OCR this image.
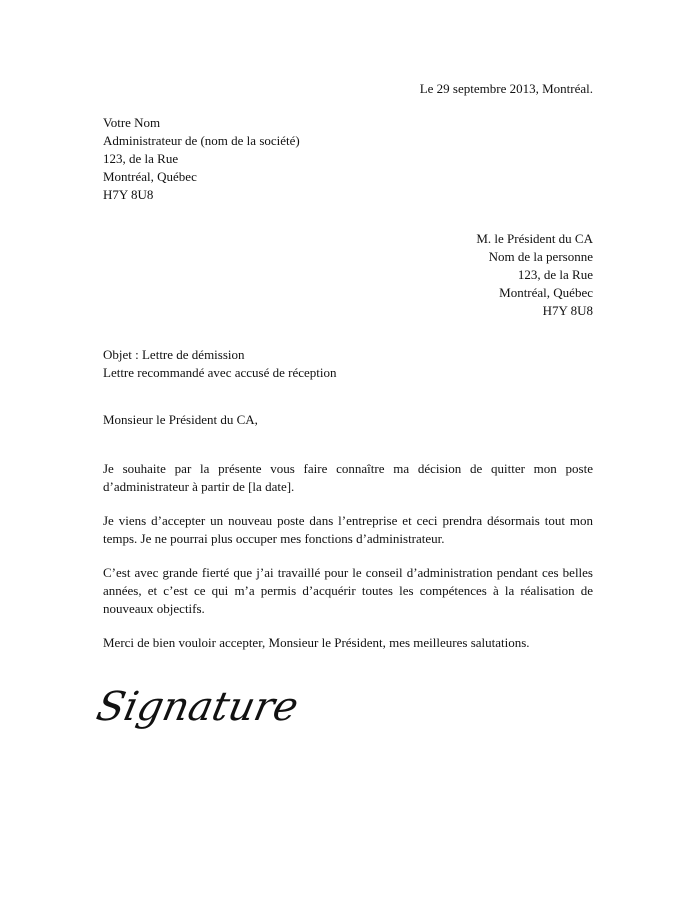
Le 29 septembre 2013, Montréal.
Votre Nom
Administrateur de (nom de la société)
123, de la Rue
Montréal, Québec
H7Y 8U8
M. le Président du CA
Nom de la personne
123, de la Rue
Montréal, Québec
H7Y 8U8
Objet : Lettre de démission
Lettre recommandé avec accusé de réception
Monsieur le Président du CA,

Je souhaite par la présente vous faire connaître ma décision de quitter mon poste d’administrateur à partir de [la date].

Je viens d’accepter un nouveau poste dans l’entreprise et ceci prendra désormais tout mon temps. Je ne pourrai plus occuper mes fonctions d’administrateur.

C’est avec grande fierté que j’ai travaillé pour le conseil d’administration pendant ces belles années, et c’est ce qui m’a permis d’acquérir toutes les compétences à la réalisation de nouveaux objectifs.

Merci de bien vouloir accepter, Monsieur le Président, mes meilleures salutations.

Signature
